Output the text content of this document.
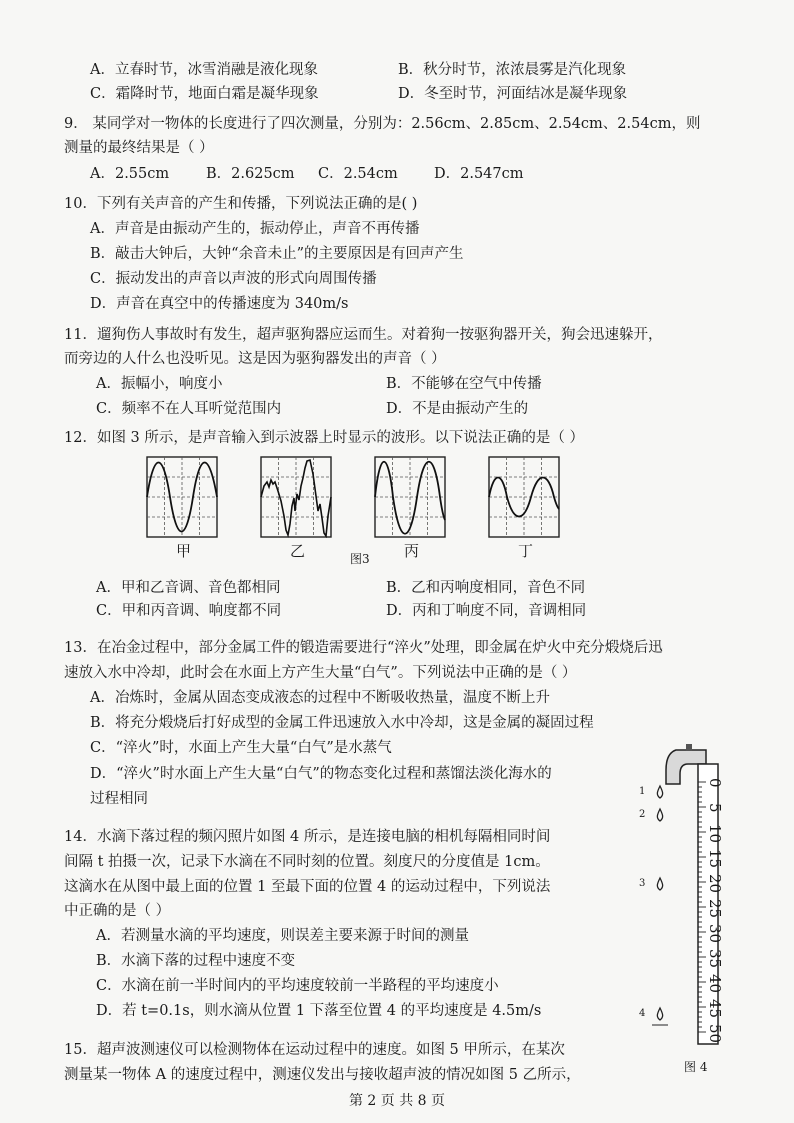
A．立春时节，冰雪消融是液化现象	B．秋分时节，浓浓晨雾是汽化现象
C．霜降时节，地面白霜是凝华现象	D．冬至时节，河面结冰是凝华现象
9． 某同学对一物体的长度进行了四次测量，分别为：2.56cm、2.85cm、2.54cm、2.54cm，则
测量的最终结果是（ ）
A．2.55cm	B．2.625cm C．2.54cm	D．2.547cm
10．下列有关声音的产生和传播，下列说法正确的是( )
A．声音是由振动产生的，振动停止，声音不再传播
B．敲击大钟后，大钟“余音未止”的主要原因是有回声产生
C．振动发出的声音以声波的形式向周围传播
D．声音在真空中的传播速度为 340m/s
11．遛狗伤人事故时有发生，超声驱狗器应运而生。对着狗一按驱狗器开关，狗会迅速躲开，
而旁边的人什么也没听见。这是因为驱狗器发出的声音（ ）
A．振幅小，响度小	B．不能够在空气中传播
C．频率不在人耳听觉范围内	D．不是由振动产生的
12．如图 3 所示，是声音输入到示波器上时显示的波形。以下说法正确的是（ ）
甲	乙	图3 丙	丁
A．甲和乙音调、音色都相同	B．乙和丙响度相同，音色不同
C．甲和丙音调、响度都不同	D．丙和丁响度不同，音调相同
13．在冶金过程中，部分金属工件的锻造需要进行“淬火”处理，即金属在炉火中充分煅烧后迅
速放入水中冷却，此时会在水面上方产生大量“白气”。下列说法中正确的是（ ）
A．冶炼时，金属从固态变成液态的过程中不断吸收热量，温度不断上升
B．将充分煅烧后打好成型的金属工件迅速放入水中冷却，这是金属的凝固过程
C．“淬火”时，水面上产生大量“白气”是水蒸气
D．“淬火”时水面上产生大量“白气”的物态变化过程和蒸馏法淡化海水的
过程相同
14．水滴下落过程的频闪照片如图 4 所示，是连接电脑的相机每隔相同时间
间隔 t 拍摄一次，记录下水滴在不同时刻的位置。刻度尺的分度值是 1cm。
这滴水在从图中最上面的位置 1 至最下面的位置 4 的运动过程中，下列说法
中正确的是（ ）
A．若测量水滴的平均速度，则误差主要来源于时间的测量
B．水滴下落的过程中速度不变
C．水滴在前一半时间内的平均速度较前一半路程的平均速度小
D．若 t=0.1s，则水滴从位置 1 下落至位置 4 的平均速度是 4.5m/s
1
2
3
4
0
5
10
15
20
25
30
35
40
45
50
图 4
15．超声波测速仪可以检测物体在运动过程中的速度。如图 5 甲所示，在某次
测量某一物体 A 的速度过程中，测速仪发出与接收超声波的情况如图 5 乙所示，
第 2 页 共 8 页
